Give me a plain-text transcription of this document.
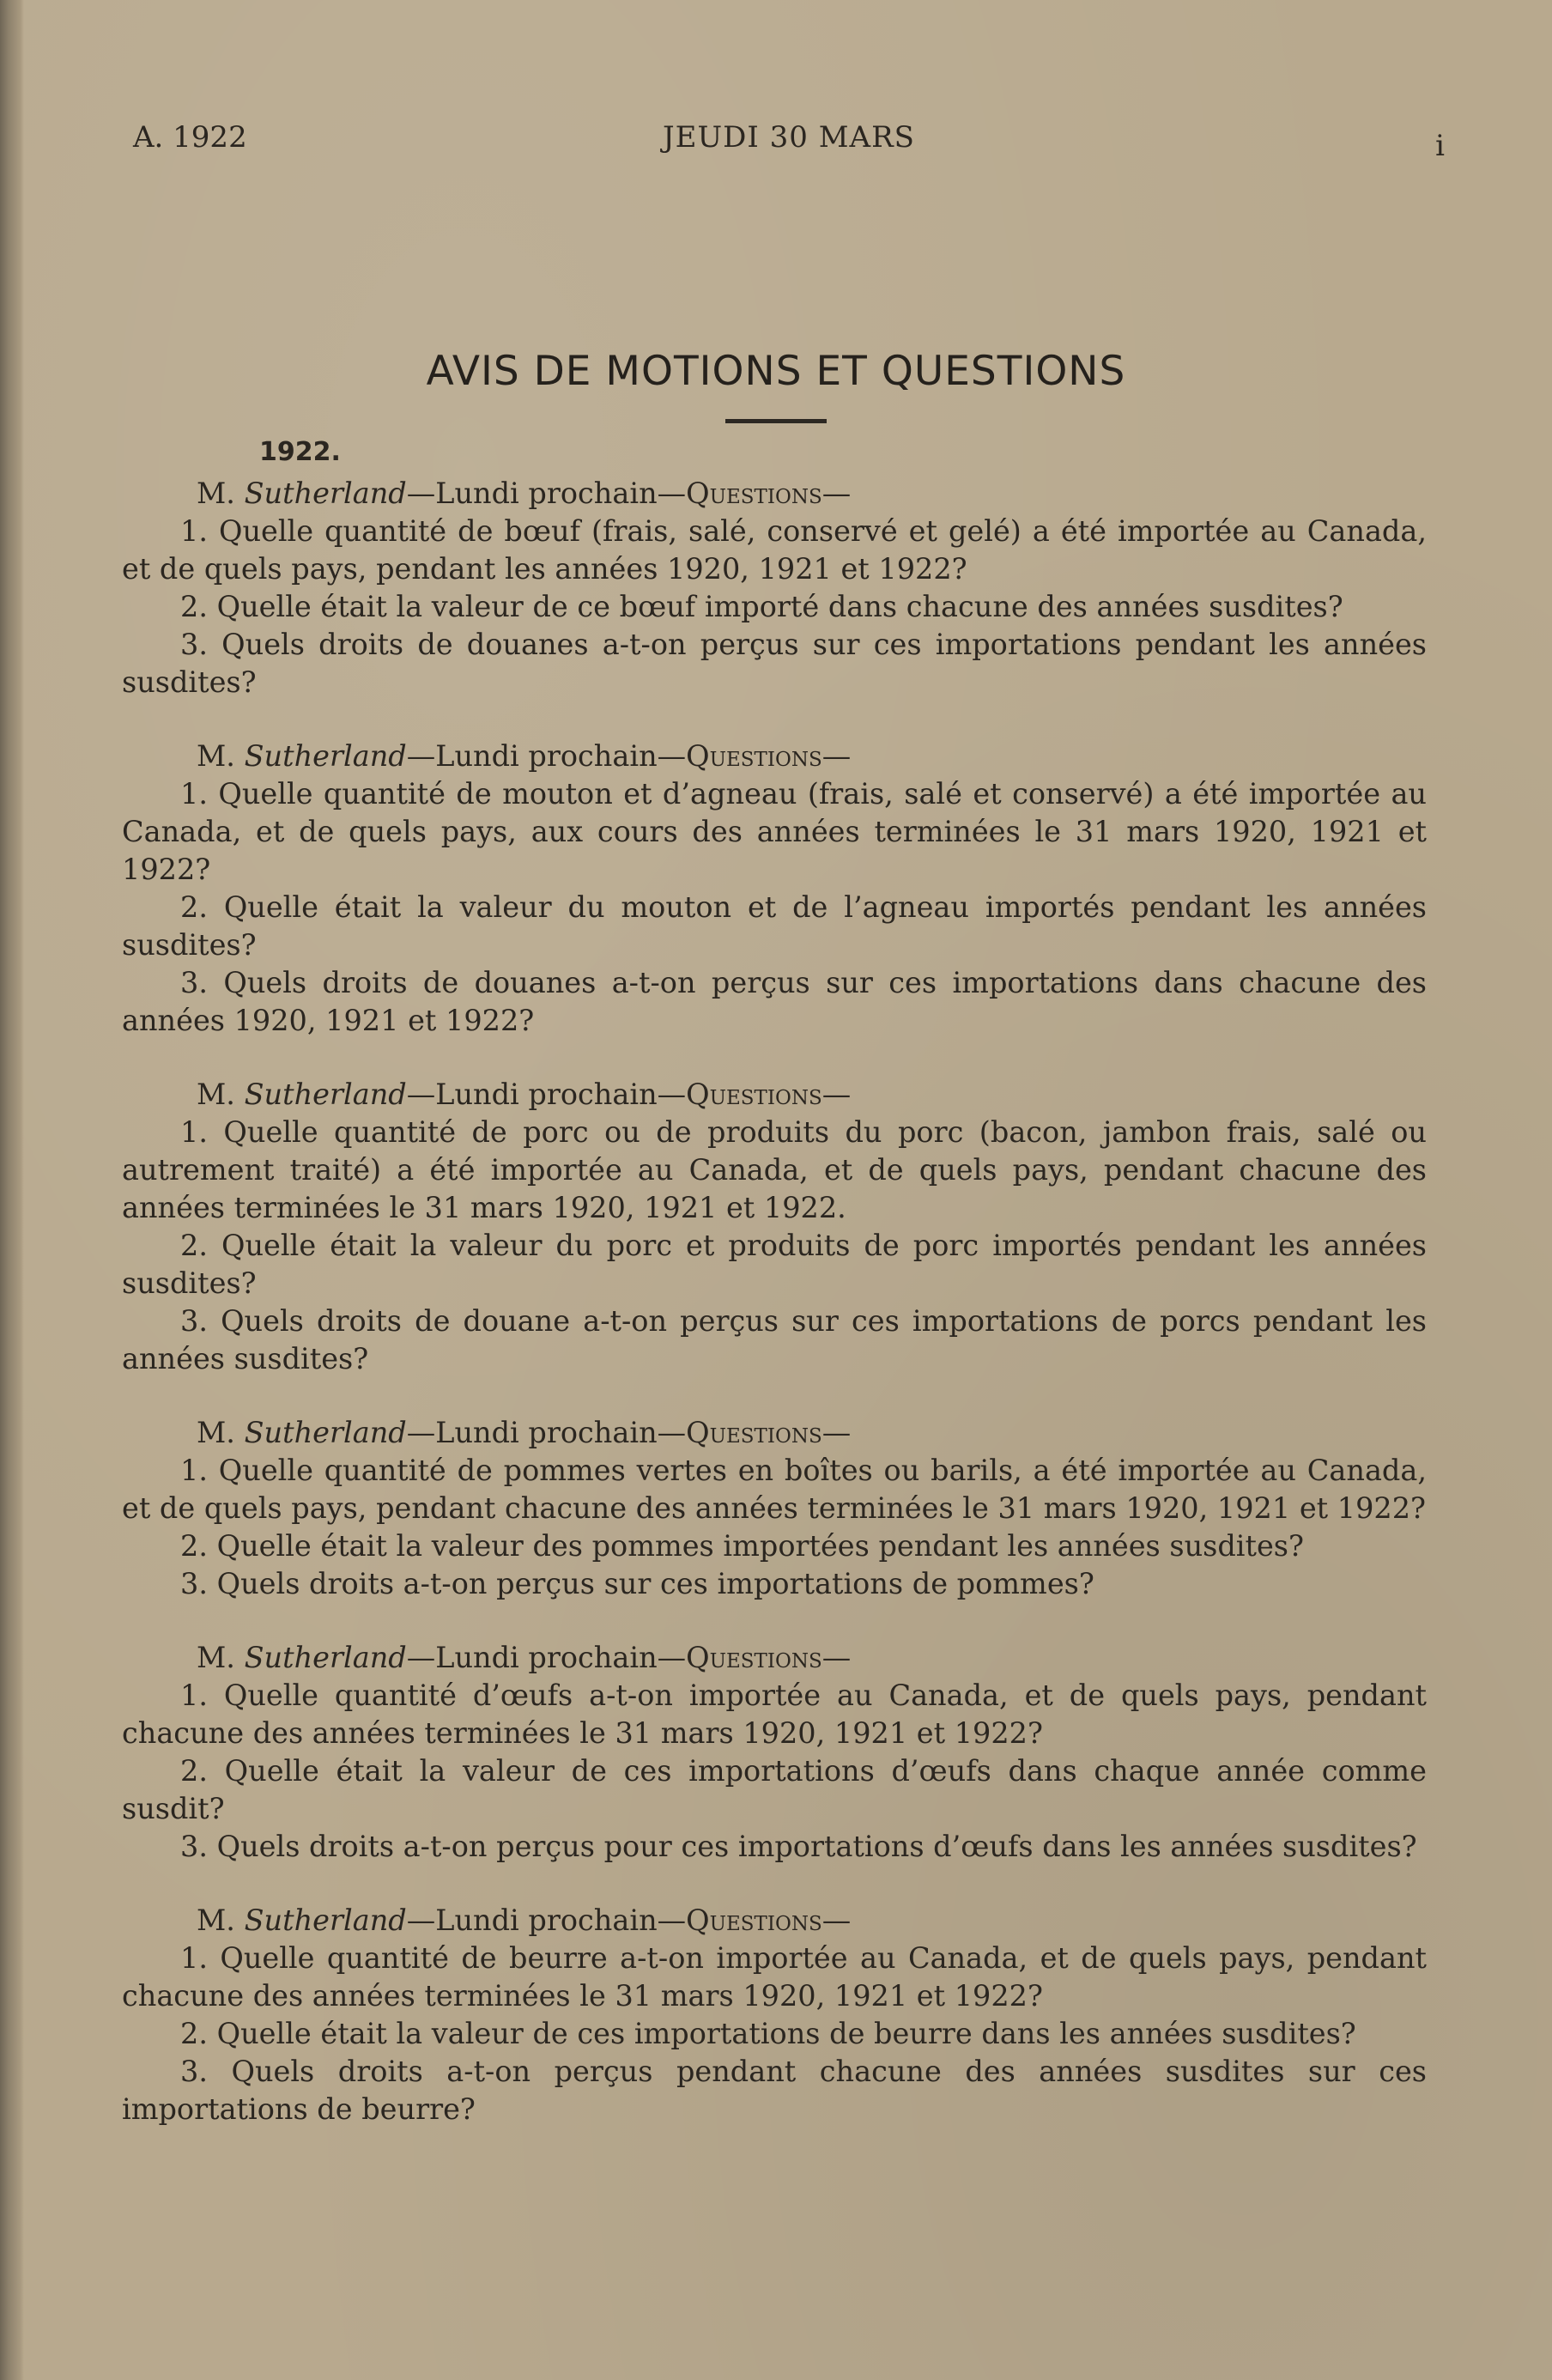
A. 1922	JEUDI 30 MARS	i
AVIS DE MOTIONS ET QUESTIONS
1922.

M. Sutherland—Lundi prochain—Questions—

1. Quelle quantité de bœuf (frais, salé, conservé et gelé) a été importée au Canada, et de quels pays, pendant les années 1920, 1921 et 1922?

2. Quelle était la valeur de ce bœuf importé dans chacune des années susdites?

3. Quels droits de douanes a-t-on perçus sur ces importations pendant les années susdites?

M. Sutherland—Lundi prochain—Questions—

1. Quelle quantité de mouton et d’agneau (frais, salé et conservé) a été importée au Canada, et de quels pays, aux cours des années terminées le 31 mars 1920, 1921 et 1922?

2. Quelle était la valeur du mouton et de l’agneau importés pendant les années susdites?

3. Quels droits de douanes a-t-on perçus sur ces importations dans chacune des années 1920, 1921 et 1922?

M. Sutherland—Lundi prochain—Questions—

1. Quelle quantité de porc ou de produits du porc (bacon, jambon frais, salé ou autrement traité) a été importée au Canada, et de quels pays, pendant chacune des années terminées le 31 mars 1920, 1921 et 1922.

2. Quelle était la valeur du porc et produits de porc importés pendant les années susdites?

3. Quels droits de douane a-t-on perçus sur ces importations de porcs pendant les années susdites?

M. Sutherland—Lundi prochain—Questions—

1. Quelle quantité de pommes vertes en boîtes ou barils, a été importée au Canada, et de quels pays, pendant chacune des années terminées le 31 mars 1920, 1921 et 1922?

2. Quelle était la valeur des pommes importées pendant les années susdites?

3. Quels droits a-t-on perçus sur ces importations de pommes?

M. Sutherland—Lundi prochain—Questions—

1. Quelle quantité d’œufs a-t-on importée au Canada, et de quels pays, pendant chacune des années terminées le 31 mars 1920, 1921 et 1922?

2. Quelle était la valeur de ces importations d’œufs dans chaque année comme susdit?

3. Quels droits a-t-on perçus pour ces importations d’œufs dans les années susdites?

M. Sutherland—Lundi prochain—Questions—

1. Quelle quantité de beurre a-t-on importée au Canada, et de quels pays, pendant chacune des années terminées le 31 mars 1920, 1921 et 1922?

2. Quelle était la valeur de ces importations de beurre dans les années susdites?

3. Quels droits a-t-on perçus pendant chacune des années susdites sur ces importations de beurre?
